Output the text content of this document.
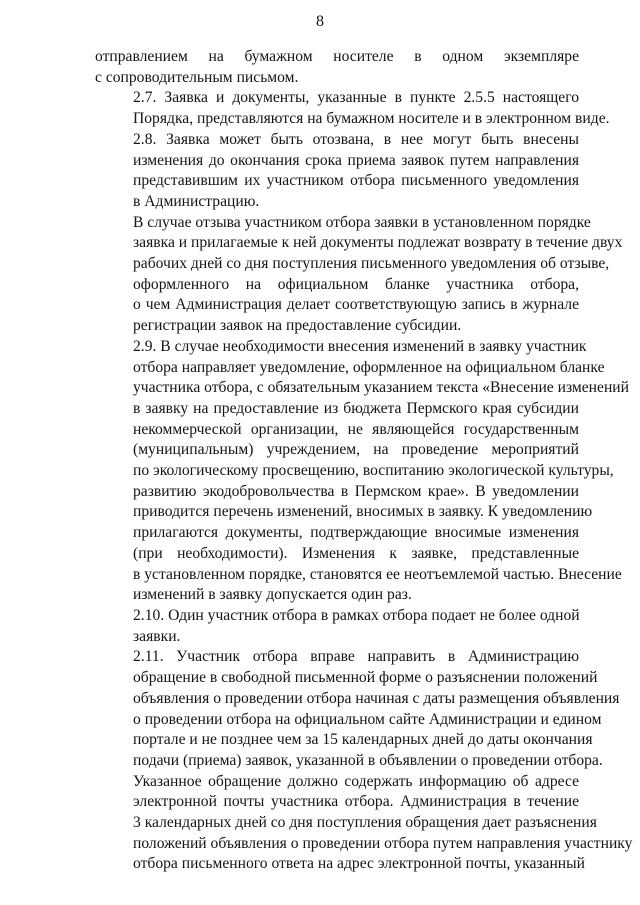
8
отправлением на бумажном носителе в одном экземпляре
с сопроводительным письмом.
2.7. Заявка и документы, указанные в пункте 2.5.5 настоящего
Порядка, представляются на бумажном носителе и в электронном виде.
2.8. Заявка может быть отозвана, в нее могут быть внесены
изменения до окончания срока приема заявок путем направления
представившим их участником отбора письменного уведомления
в Администрацию.
В случае отзыва участником отбора заявки в установленном порядке
заявка и прилагаемые к ней документы подлежат возврату в течение двух
рабочих дней со дня поступления письменного уведомления об отзыве,
оформленного на официальном бланке участника отбора,
о чем Администрация делает соответствующую запись в журнале
регистрации заявок на предоставление субсидии.
2.9. В случае необходимости внесения изменений в заявку участник
отбора направляет уведомление, оформленное на официальном бланке
участника отбора, с обязательным указанием текста «Внесение изменений
в заявку на предоставление из бюджета Пермского края субсидии
некоммерческой организации, не являющейся государственным
(муниципальным) учреждением, на проведение мероприятий
по экологическому просвещению, воспитанию экологической культуры,
развитию экодобровольчества в Пермском крае». В уведомлении
приводится перечень изменений, вносимых в заявку. К уведомлению
прилагаются документы, подтверждающие вносимые изменения
(при необходимости). Изменения к заявке, представленные
в установленном порядке, становятся ее неотъемлемой частью. Внесение
изменений в заявку допускается один раз.
2.10. Один участник отбора в рамках отбора подает не более одной
заявки.
2.11. Участник отбора вправе направить в Администрацию
обращение в свободной письменной форме о разъяснении положений
объявления о проведении отбора начиная с даты размещения объявления
о проведении отбора на официальном сайте Администрации и едином
портале и не позднее чем за 15 календарных дней до даты окончания
подачи (приема) заявок, указанной в объявлении о проведении отбора.
Указанное обращение должно содержать информацию об адресе
электронной почты участника отбора. Администрация в течение
3 календарных дней со дня поступления обращения дает разъяснения
положений объявления о проведении отбора путем направления участнику
отбора письменного ответа на адрес электронной почты, указанный
